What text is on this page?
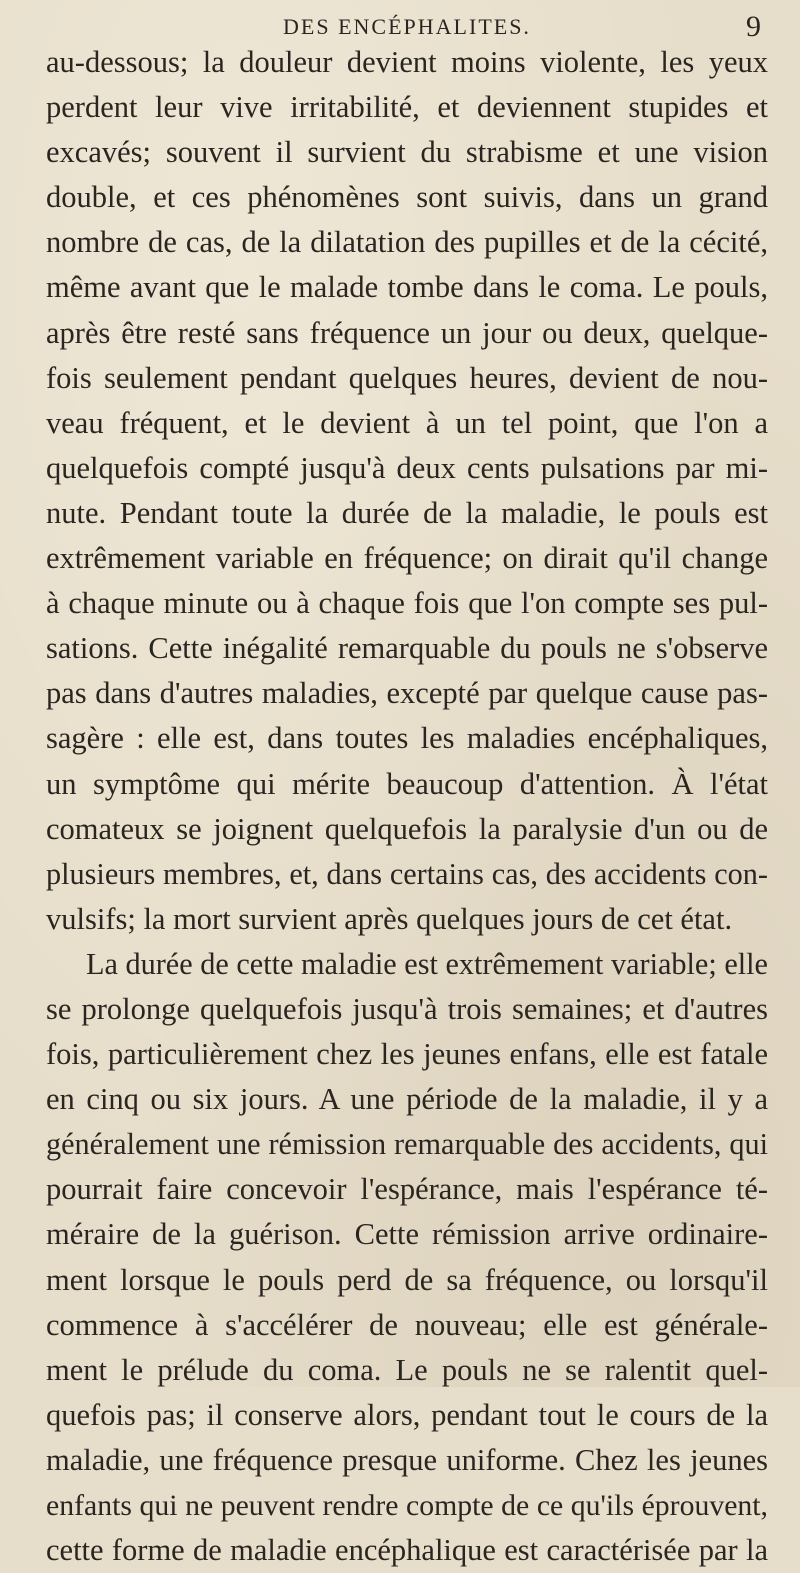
DES ENCÉPHALITES.	9
au-dessous; la douleur devient moins violente, les yeux
perdent leur vive irritabilité, et deviennent stupides et
excavés; souvent il survient du strabisme et une vision
double, et ces phénomènes sont suivis, dans un grand
nombre de cas, de la dilatation des pupilles et de la cécité,
même avant que le malade tombe dans le coma. Le pouls,
après être resté sans fréquence un jour ou deux, quelque-
fois seulement pendant quelques heures, devient de nou-
veau fréquent, et le devient à un tel point, que l'on a
quelquefois compté jusqu'à deux cents pulsations par mi-
nute. Pendant toute la durée de la maladie, le pouls est
extrêmement variable en fréquence; on dirait qu'il change
à chaque minute ou à chaque fois que l'on compte ses pul-
sations. Cette inégalité remarquable du pouls ne s'observe
pas dans d'autres maladies, excepté par quelque cause pas-
sagère : elle est, dans toutes les maladies encéphaliques,
un symptôme qui mérite beaucoup d'attention. À l'état
comateux se joignent quelquefois la paralysie d'un ou de
plusieurs membres, et, dans certains cas, des accidents con-
vulsifs; la mort survient après quelques jours de cet état.
La durée de cette maladie est extrêmement variable; elle
se prolonge quelquefois jusqu'à trois semaines; et d'autres
fois, particulièrement chez les jeunes enfans, elle est fatale
en cinq ou six jours. A une période de la maladie, il y a
généralement une rémission remarquable des accidents, qui
pourrait faire concevoir l'espérance, mais l'espérance té-
méraire de la guérison. Cette rémission arrive ordinaire-
ment lorsque le pouls perd de sa fréquence, ou lorsqu'il
commence à s'accélérer de nouveau; elle est générale-
ment le prélude du coma. Le pouls ne se ralentit quel-
quefois pas; il conserve alors, pendant tout le cours de la
maladie, une fréquence presque uniforme. Chez les jeunes
enfants qui ne peuvent rendre compte de ce qu'ils éprouvent,
cette forme de maladie encéphalique est caractérisée par la
